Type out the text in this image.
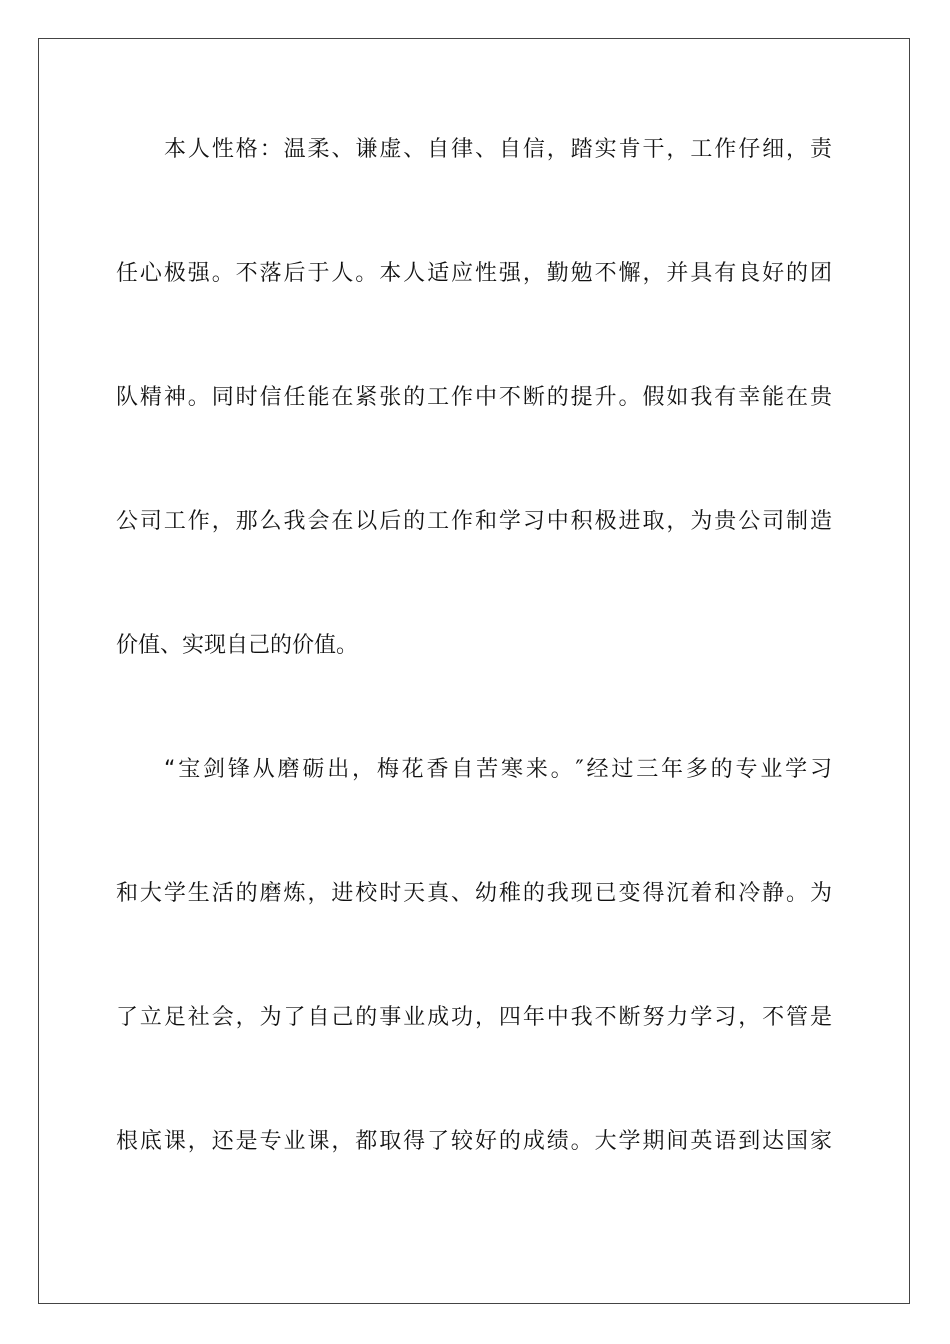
本人性格：温柔、谦虚、自律、自信，踏实肯干，工作仔细，责
任心极强。不落后于人。本人适应性强，勤勉不懈，并具有良好的团
队精神。同时信任能在紧张的工作中不断的提升。假如我有幸能在贵
公司工作，那么我会在以后的工作和学习中积极进取，为贵公司制造
价值、实现自己的价值。
“宝剑锋从磨砺出，梅花香自苦寒来。″经过三年多的专业学习
和大学生活的磨炼，进校时天真、幼稚的我现已变得沉着和冷静。为
了立足社会，为了自己的事业成功，四年中我不断努力学习，不管是
根底课，还是专业课，都取得了较好的成绩。大学期间英语到达国家
